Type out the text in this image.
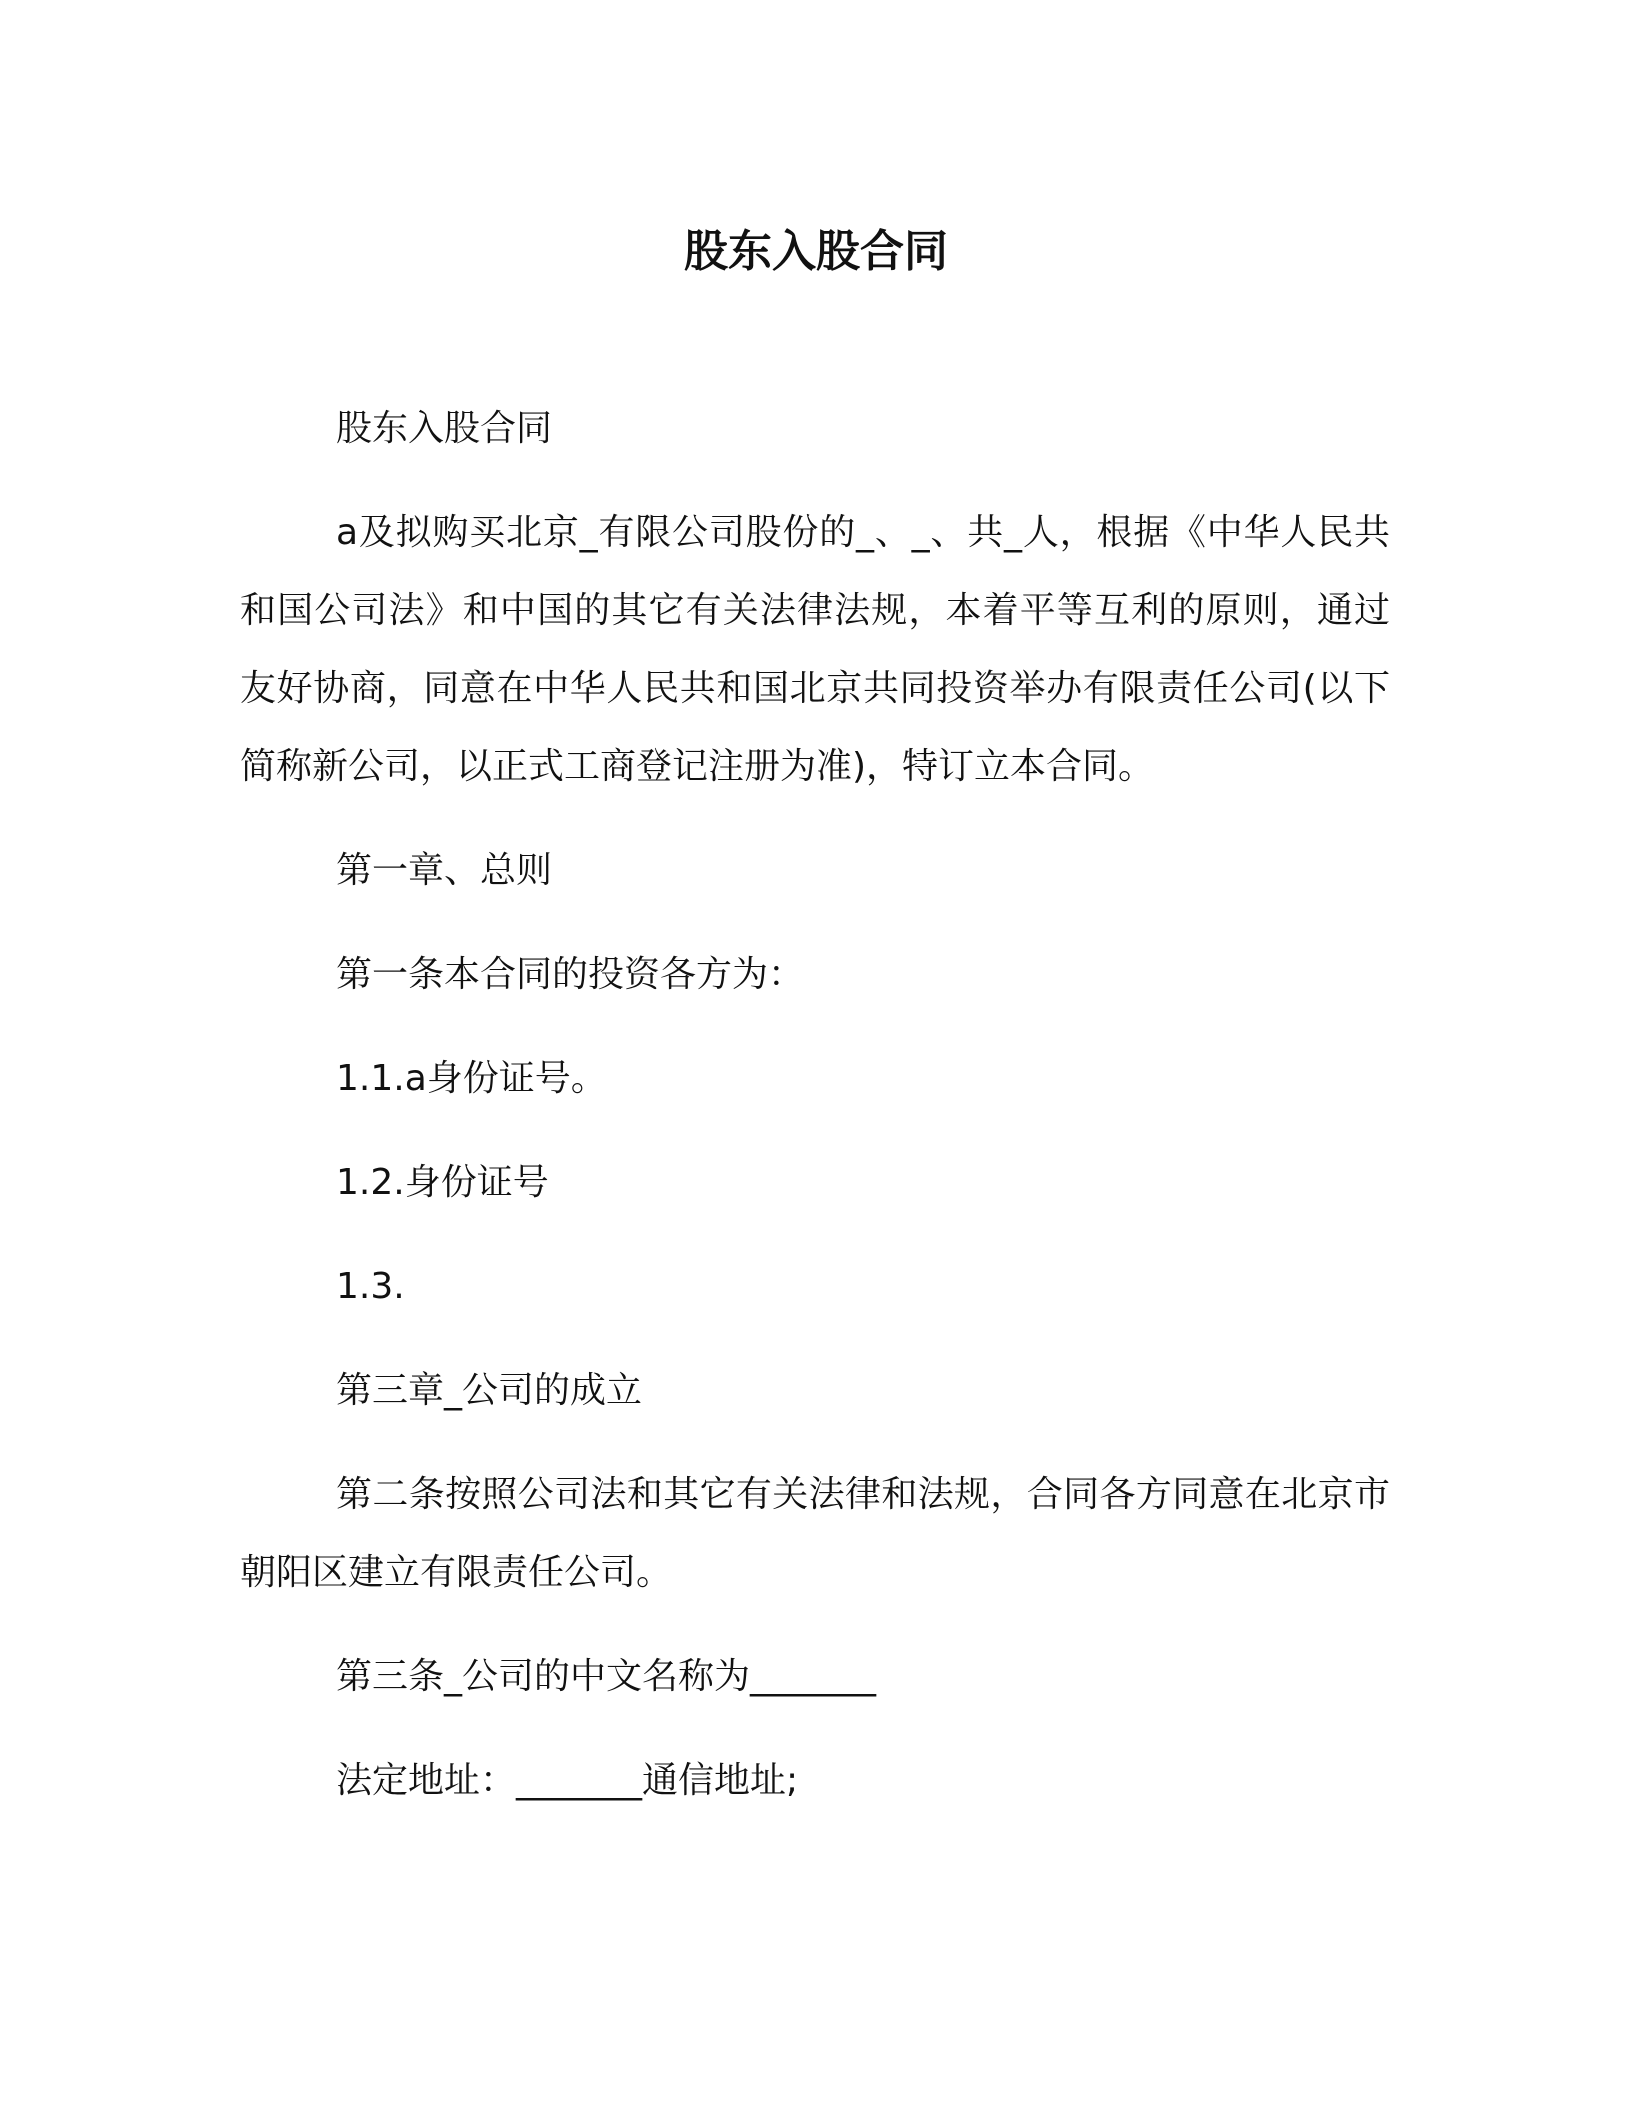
股东入股合同

股东入股合同

a及拟购买北京_有限公司股份的_、_、共_人，根据《中华人民共和国公司法》和中国的其它有关法律法规，本着平等互利的原则，通过友好协商，同意在中华人民共和国北京共同投资举办有限责任公司(以下简称新公司，以正式工商登记注册为准)，特订立本合同。

第一章、总则

第一条本合同的投资各方为：

1.1.a身份证号。

1.2.身份证号

1.3.

第三章_公司的成立

第二条按照公司法和其它有关法律和法规，合同各方同意在北京市朝阳区建立有限责任公司。

第三条_公司的中文名称为_______

法定地址：_______通信地址;
